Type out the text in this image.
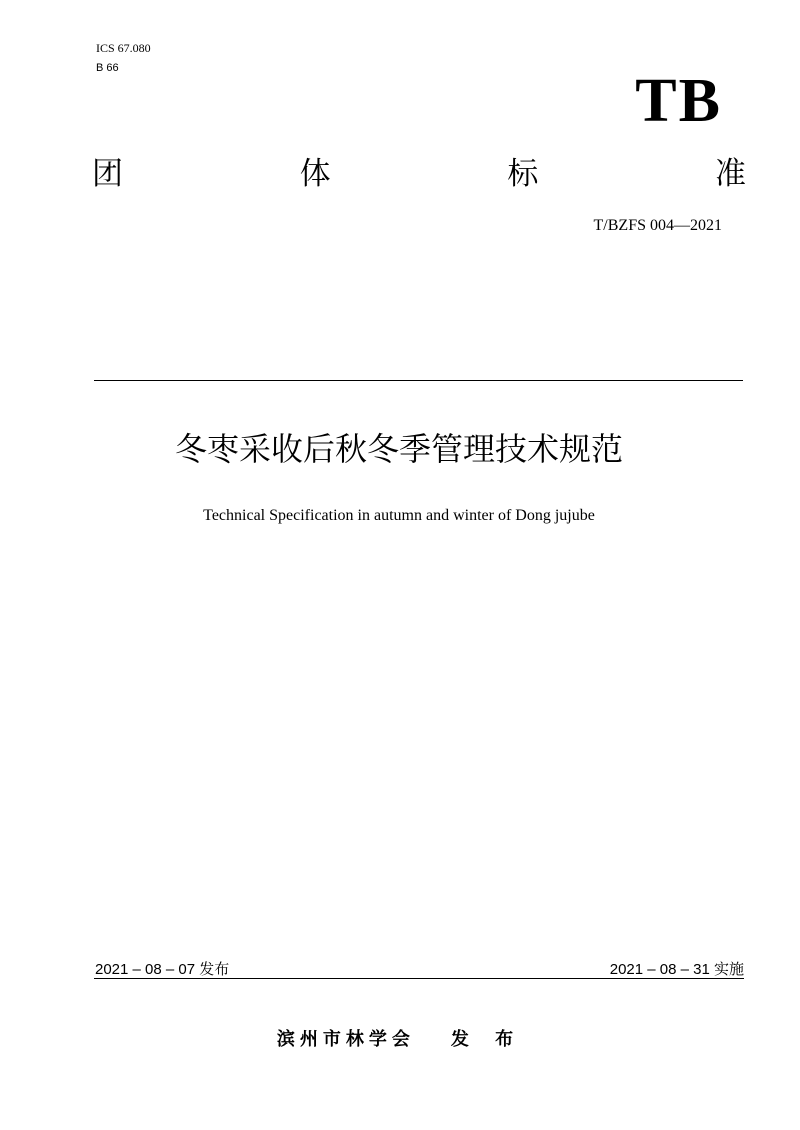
ICS 67.080
B 66	TB
团	体	标	准
T/BZFS 004—2021
冬枣采收后秋冬季管理技术规范
Technical Specification in autumn and winter of Dong jujube
2021 – 08 – 07 发布	2021 – 08 – 31 实施
滨州市林学会 发 布
